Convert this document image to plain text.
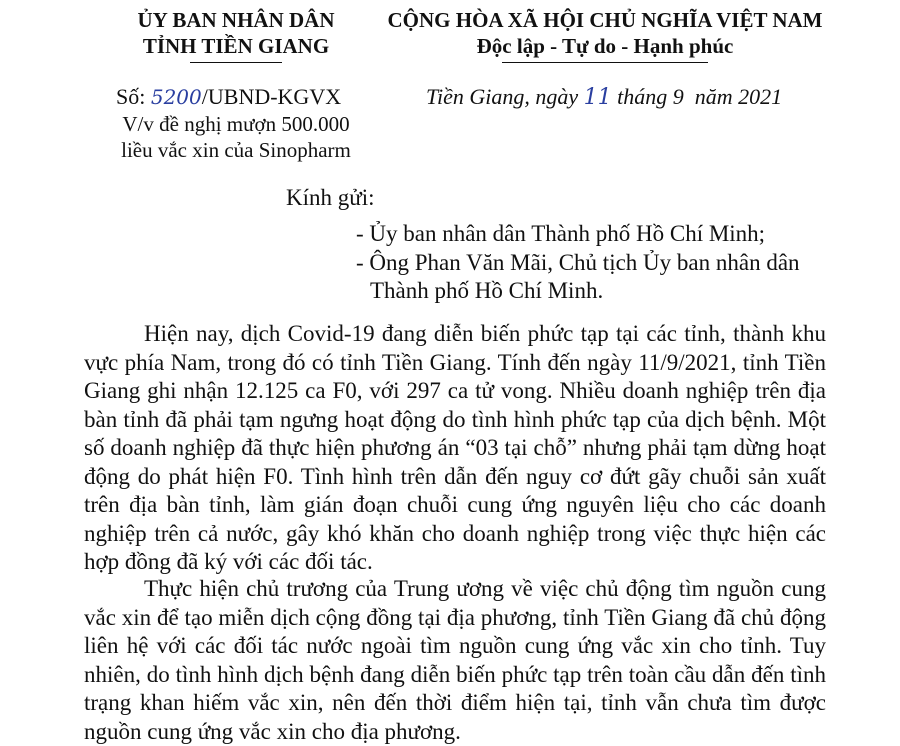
ỦY BAN NHÂN DÂN
TỈNH TIỀN GIANG
CỘNG HÒA XÃ HỘI CHỦ NGHĨA VIỆT NAM
Độc lập - Tự do - Hạnh phúc
Số: 5200/UBND-KGVX
V/v đề nghị mượn 500.000
liều vắc xin của Sinopharm
Tiền Giang, ngày 11 tháng 9  năm 2021
Kính gửi:
- Ủy ban nhân dân Thành phố Hồ Chí Minh;
- Ông Phan Văn Mãi, Chủ tịch Ủy ban nhân dân
Thành phố Hồ Chí Minh.
Hiện nay, dịch Covid-19 đang diễn biến phức tạp tại các tỉnh, thành khu
vực phía Nam, trong đó có tỉnh Tiền Giang. Tính đến ngày 11/9/2021, tỉnh Tiền
Giang ghi nhận 12.125 ca F0, với 297 ca tử vong. Nhiều doanh nghiệp trên địa
bàn tỉnh đã phải tạm ngưng hoạt động do tình hình phức tạp của dịch bệnh. Một
số doanh nghiệp đã thực hiện phương án “03 tại chỗ” nhưng phải tạm dừng hoạt
động do phát hiện F0. Tình hình trên dẫn đến nguy cơ đứt gãy chuỗi sản xuất
trên địa bàn tỉnh, làm gián đoạn chuỗi cung ứng nguyên liệu cho các doanh
nghiệp trên cả nước, gây khó khăn cho doanh nghiệp trong việc thực hiện các
hợp đồng đã ký với các đối tác.
Thực hiện chủ trương của Trung ương về việc chủ động tìm nguồn cung
vắc xin để tạo miễn dịch cộng đồng tại địa phương, tỉnh Tiền Giang đã chủ động
liên hệ với các đối tác nước ngoài tìm nguồn cung ứng vắc xin cho tỉnh. Tuy
nhiên, do tình hình dịch bệnh đang diễn biến phức tạp trên toàn cầu dẫn đến tình
trạng khan hiếm vắc xin, nên đến thời điểm hiện tại, tỉnh vẫn chưa tìm được
nguồn cung ứng vắc xin cho địa phương.
